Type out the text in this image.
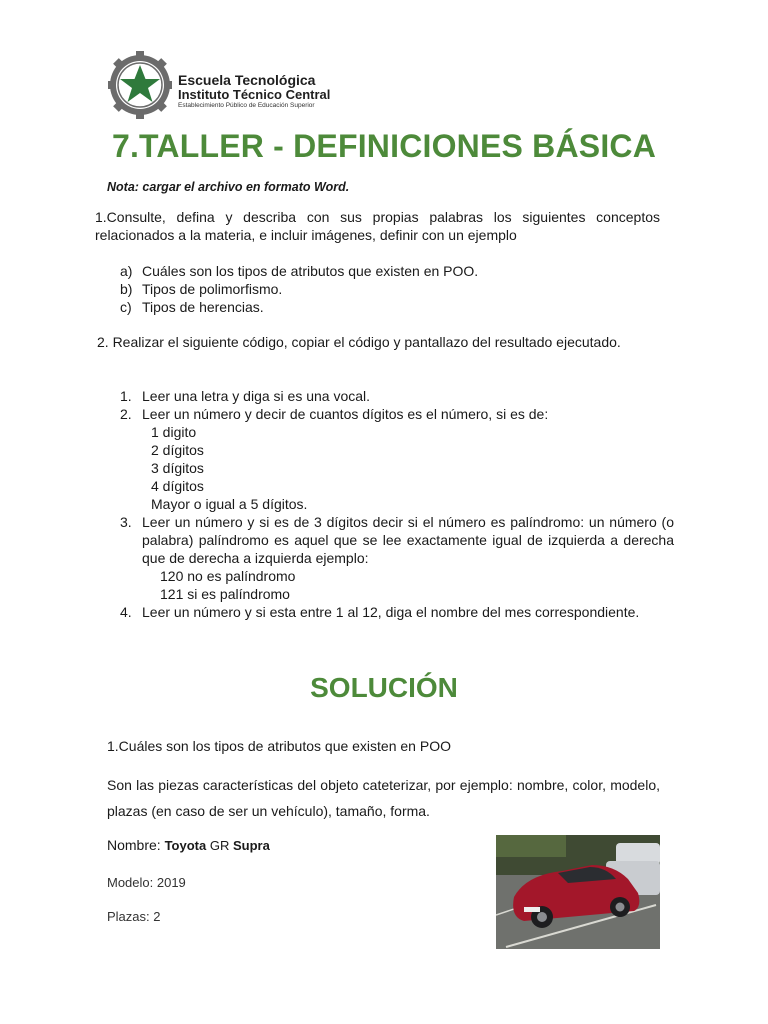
Escuela Tecnológica
Instituto Técnico Central
Establecimiento Público de Educación Superior
7.TALLER - DEFINICIONES BÁSICA
Nota: cargar el archivo en formato Word.
1.Consulte, defina y describa con sus propias palabras los siguientes conceptos relacionados a la materia, e incluir imágenes, definir con un ejemplo
a) Cuáles son los tipos de atributos que existen en POO.
b) Tipos de polimorfismo.
c) Tipos de herencias.
2. Realizar el siguiente código, copiar el código y pantallazo del resultado ejecutado.
1. Leer una letra y diga si es una vocal.
2. Leer un número y decir de cuantos dígitos es el número, si es de:
1 digito
2 dígitos
3 dígitos
4 dígitos
Mayor o igual a 5 dígitos.
3. Leer un número y si es de 3 dígitos decir si el número es palíndromo: un número (o palabra) palíndromo es aquel que se lee exactamente igual de izquierda a derecha que de derecha a izquierda ejemplo:
120 no es palíndromo
121 si es palíndromo
4. Leer un número y si esta entre 1 al 12, diga el nombre del mes correspondiente.
SOLUCIÓN
1.Cuáles son los tipos de atributos que existen en POO
Son las piezas características del objeto cateterizar, por ejemplo: nombre, color, modelo, plazas (en caso de ser un vehículo), tamaño, forma.
Nombre: Toyota GR Supra
Modelo: 2019
Plazas: 2
